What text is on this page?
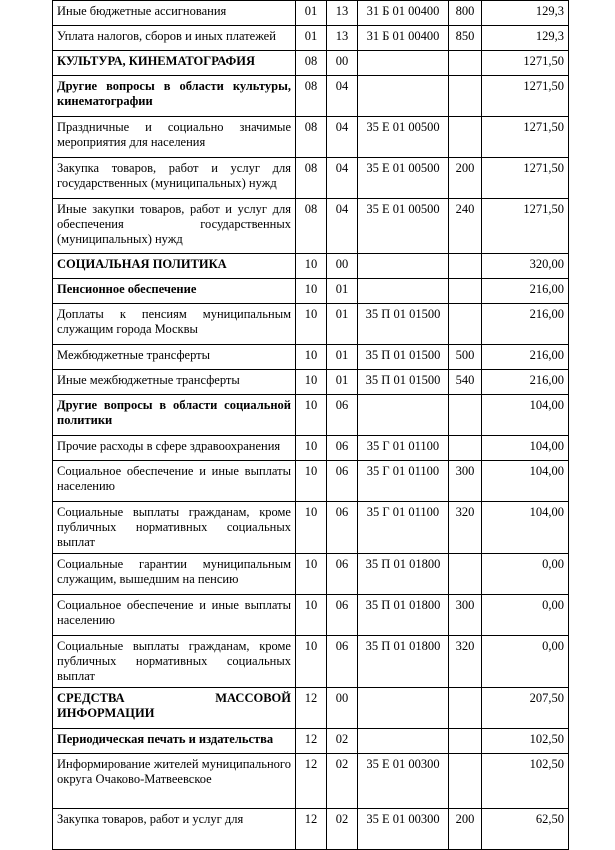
Иные бюджетные ассигнования	01	13	31 Б 01 00400	800	129,3
Уплата налогов, сборов и иных платежей	01	13	31 Б 01 00400	850	129,3
КУЛЬТУРА, КИНЕМАТОГРАФИЯ	08	00			1271,50
Другие вопросы в области культуры, кинематографии	08	04			1271,50
Праздничные и социально значимые мероприятия для населения	08	04	35 Е 01 00500		1271,50
Закупка товаров, работ и услуг для государственных (муниципальных) нужд	08	04	35 Е 01 00500	200	1271,50
Иные закупки товаров, работ и услуг для обеспечения государственных (муниципальных) нужд	08	04	35 Е 01 00500	240	1271,50
СОЦИАЛЬНАЯ ПОЛИТИКА	10	00			320,00
Пенсионное обеспечение	10	01			216,00
Доплаты к пенсиям муниципальным служащим города Москвы	10	01	35 П 01 01500		216,00
Межбюджетные трансферты	10	01	35 П 01 01500	500	216,00
Иные межбюджетные трансферты	10	01	35 П 01 01500	540	216,00
Другие вопросы в области социальной политики	10	06			104,00
Прочие расходы в сфере здравоохранения	10	06	35 Г 01 01100		104,00
Социальное обеспечение и иные выплаты населению	10	06	35 Г 01 01100	300	104,00
Социальные выплаты гражданам, кроме публичных нормативных социальных выплат	10	06	35 Г 01 01100	320	104,00
Социальные гарантии муниципальным служащим, вышедшим на пенсию	10	06	35 П 01 01800		0,00
Социальное обеспечение и иные выплаты населению	10	06	35 П 01 01800	300	0,00
Социальные выплаты гражданам, кроме публичных нормативных социальных выплат	10	06	35 П 01 01800	320	0,00
СРЕДСТВА МАССОВОЙ ИНФОРМАЦИИ	12	00			207,50
Периодическая печать и издательства	12	02			102,50
Информирование жителей муниципального округа Очаково-Матвеевское	12	02	35 Е 01 00300		102,50
Закупка товаров, работ и услуг для	12	02	35 Е 01 00300	200	62,50
